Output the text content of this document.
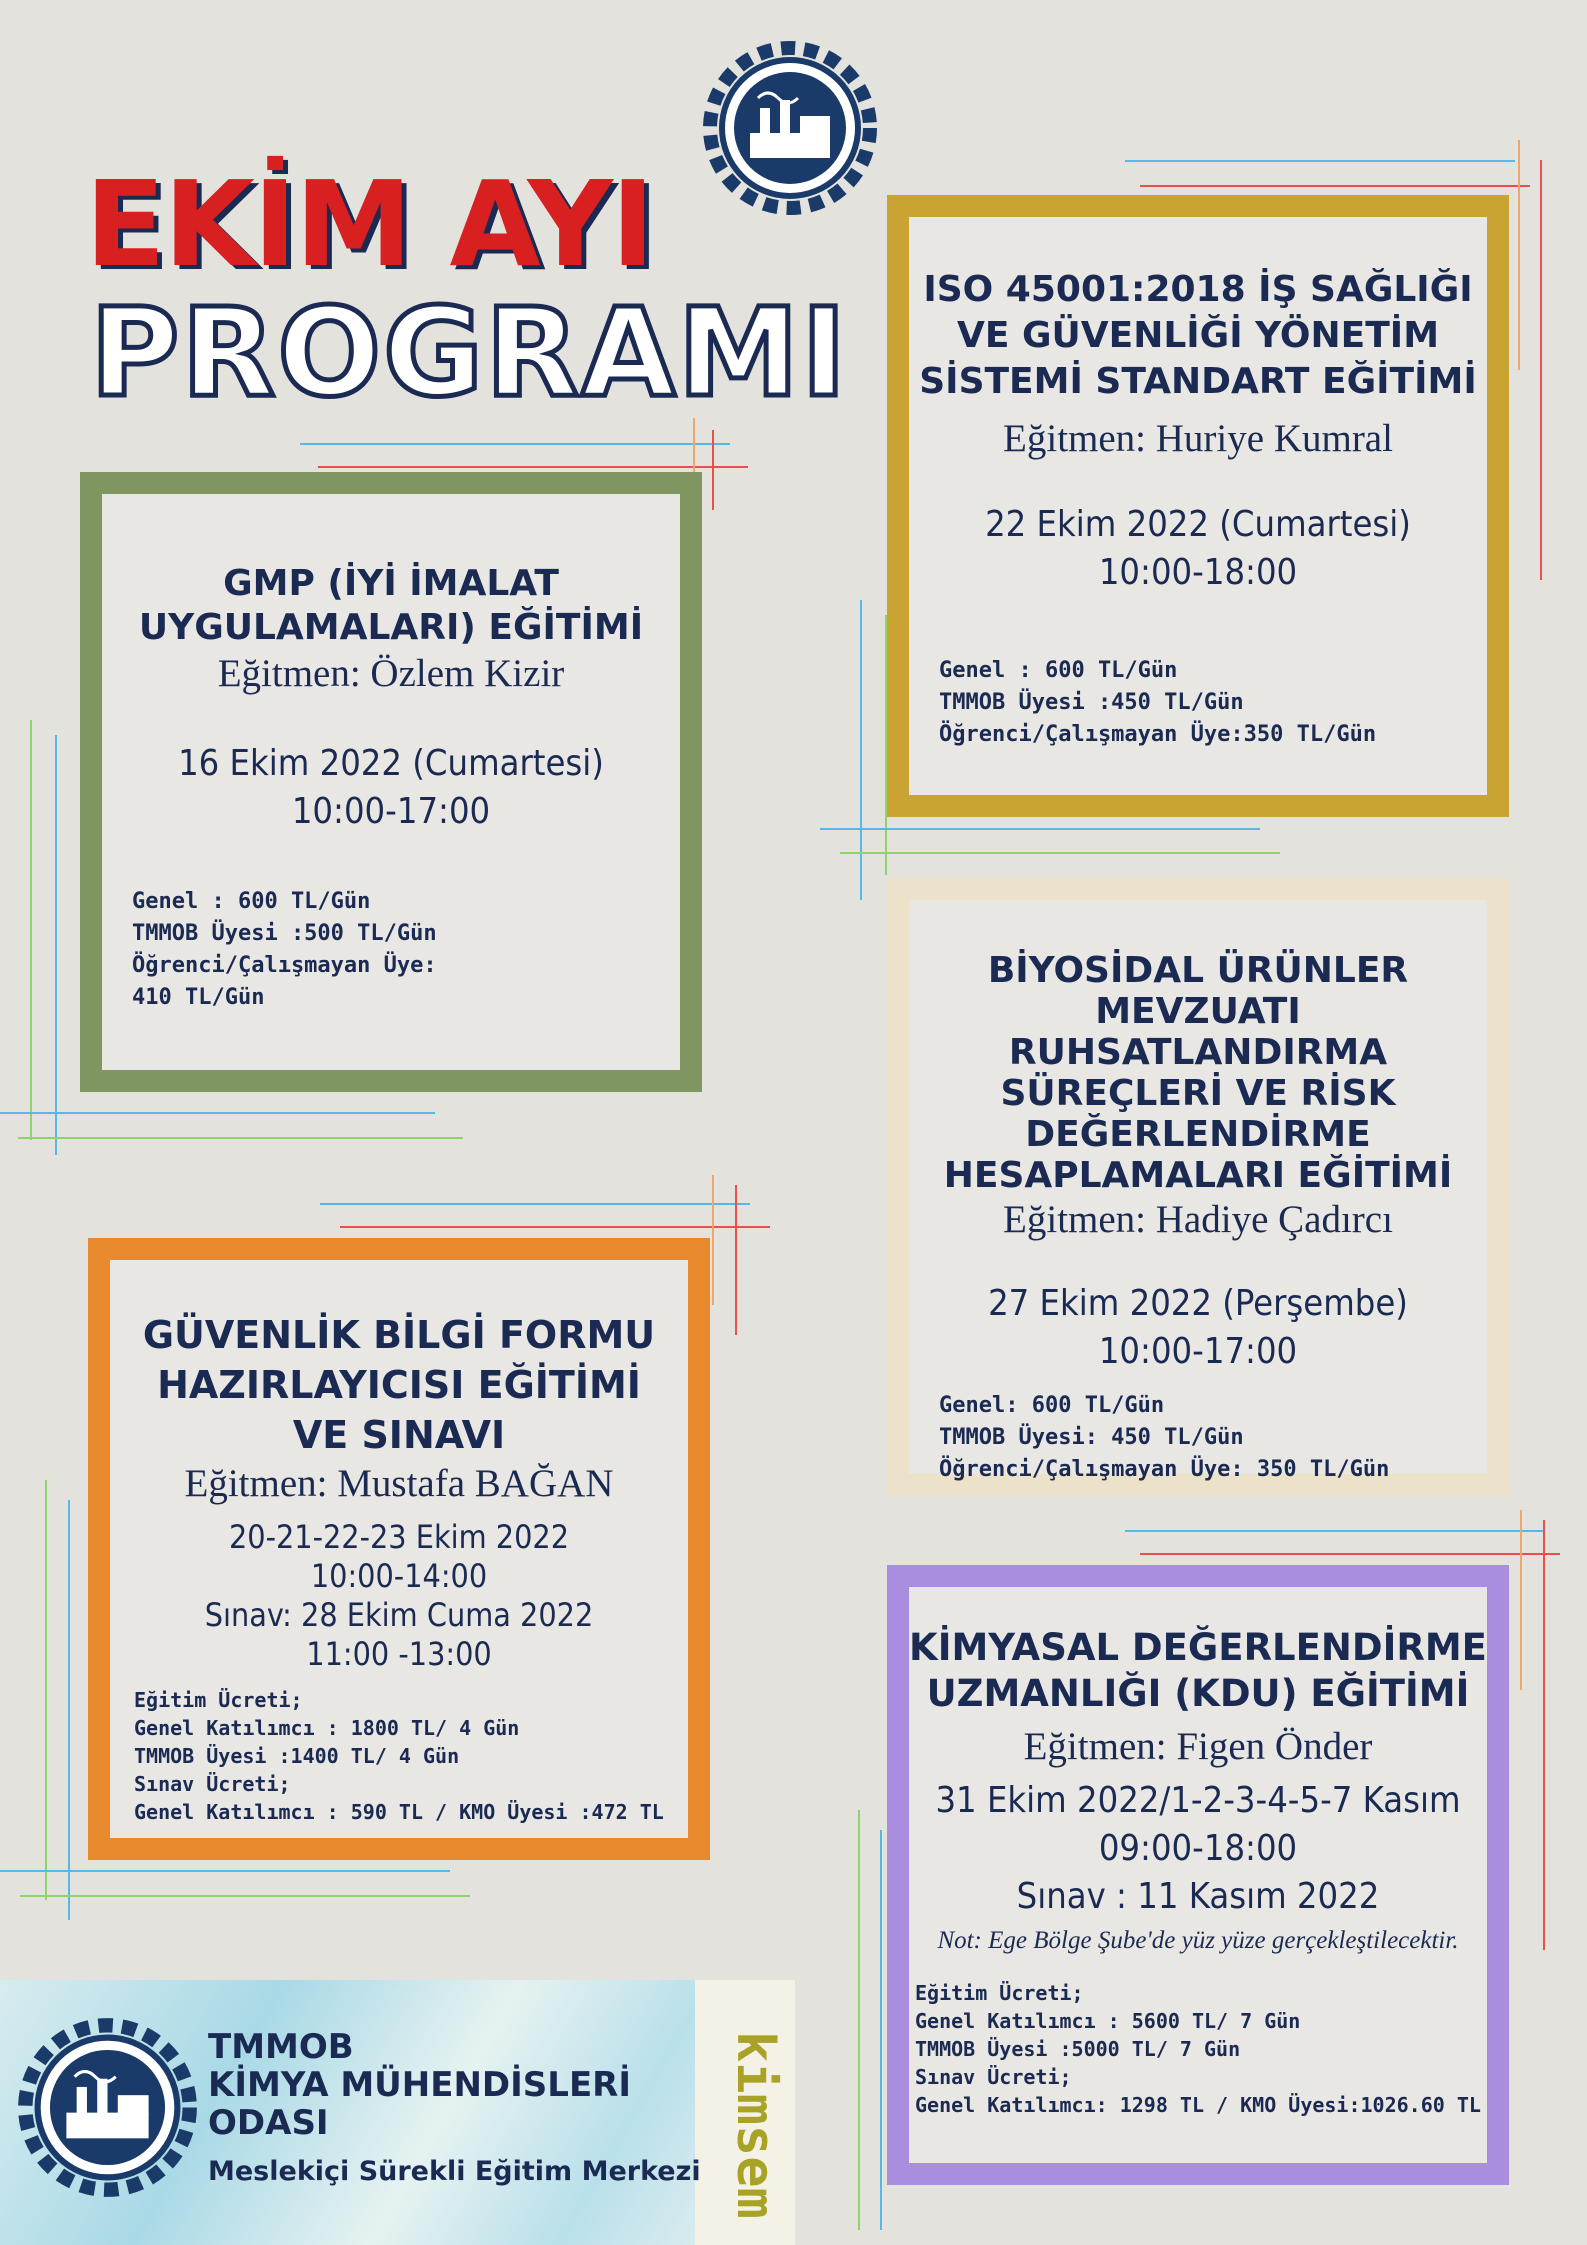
EKİM AYI
PROGRAMI
GMP (İYİ İMALAT
UYGULAMALARI) EĞİTİMİ
Eğitmen: Özlem Kizir
16 Ekim 2022 (Cumartesi)
10:00-17:00
Genel : 600 TL/Gün
TMMOB Üyesi :500 TL/Gün
Öğrenci/Çalışmayan Üye:
410 TL/Gün
ISO 45001:2018 İŞ SAĞLIĞI
VE GÜVENLİĞİ YÖNETİM
SİSTEMİ STANDART EĞİTİMİ
Eğitmen: Huriye Kumral
22 Ekim 2022 (Cumartesi)
10:00-18:00
Genel : 600 TL/Gün
TMMOB Üyesi :450 TL/Gün
Öğrenci/Çalışmayan Üye:350 TL/Gün
BİYOSİDAL ÜRÜNLER
MEVZUATI RUHSATLANDIRMA
SÜREÇLERİ VE RİSK
DEĞERLENDİRME
HESAPLAMALARI EĞİTİMİ
Eğitmen: Hadiye Çadırcı
27 Ekim 2022 (Perşembe)
10:00-17:00
Genel: 600 TL/Gün
TMMOB Üyesi: 450 TL/Gün
Öğrenci/Çalışmayan Üye: 350 TL/Gün
GÜVENLİK BİLGİ FORMU
HAZIRLAYICISI EĞİTİMİ
VE SINAVI
Eğitmen: Mustafa BAĞAN
20-21-22-23 Ekim 2022
10:00-14:00
Sınav: 28 Ekim Cuma 2022
11:00 -13:00
Eğitim Ücreti;
Genel Katılımcı : 1800 TL/ 4 Gün
TMMOB Üyesi :1400 TL/ 4 Gün
Sınav Ücreti;
Genel Katılımcı : 590 TL / KMO Üyesi :472 TL
KİMYASAL DEĞERLENDİRME
UZMANLIĞI (KDU) EĞİTİMİ
Eğitmen: Figen Önder
31 Ekim 2022/1-2-3-4-5-7 Kasım
09:00-18:00
Sınav : 11 Kasım 2022
Not: Ege Bölge Şube'de yüz yüze gerçekleştilecektir.
Eğitim Ücreti;
Genel Katılımcı : 5600 TL/ 7 Gün
TMMOB Üyesi :5000 TL/ 7 Gün
Sınav Ücreti;
Genel Katılımcı: 1298 TL / KMO Üyesi:1026.60 TL
TMMOB
KİMYA MÜHENDİSLERİ
ODASI
Meslekiçi Sürekli Eğitim Merkezi kimsem
